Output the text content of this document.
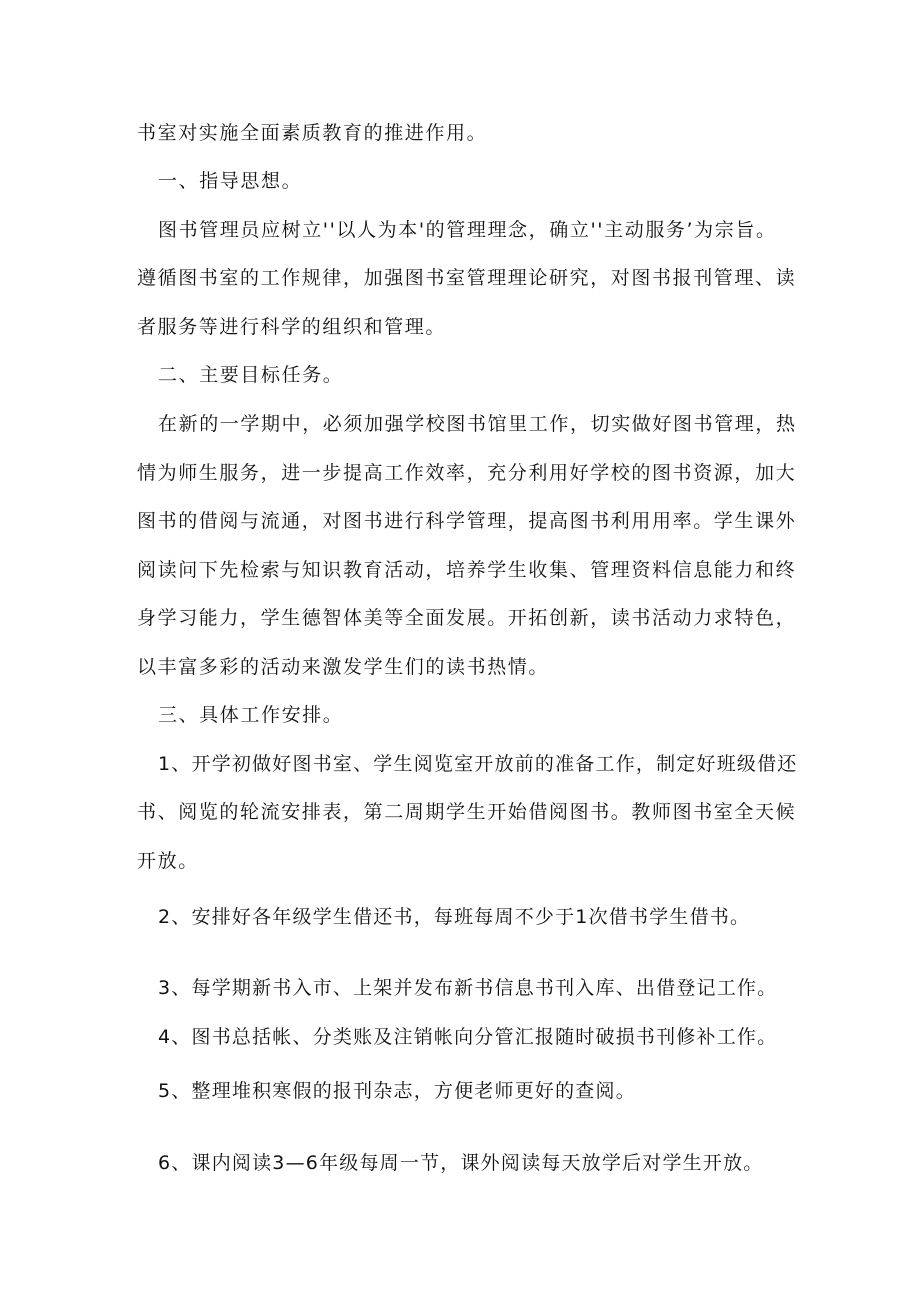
书室对实施全面素质教育的推进作用。
一、指导思想。
图书管理员应树立''以人为本'的管理理念，确立''主动服务’为宗旨。
遵循图书室的工作规律，加强图书室管理理论研究，对图书报刊管理、读
者服务等进行科学的组织和管理。
二、主要目标任务。
在新的一学期中，必须加强学校图书馆里工作，切实做好图书管理，热
情为师生服务，进一步提高工作效率，充分利用好学校的图书资源，加大
图书的借阅与流通，对图书进行科学管理，提高图书利用用率。学生课外
阅读问下先检索与知识教育活动，培养学生收集、管理资料信息能力和终
身学习能力，学生德智体美等全面发展。开拓创新，读书活动力求特色，
以丰富多彩的活动来激发学生们的读书热情。
三、具体工作安排。
1、开学初做好图书室、学生阅览室开放前的准备工作，制定好班级借还
书、阅览的轮流安排表，第二周期学生开始借阅图书。教师图书室全天候
开放。
2、安排好各年级学生借还书，每班每周不少于1次借书学生借书。
3、每学期新书入市、上架并发布新书信息书刊入库、出借登记工作。
4、图书总括帐、分类账及注销帐向分管汇报随时破损书刊修补工作。
5、整理堆积寒假的报刊杂志，方便老师更好的查阅。
6、课内阅读3—6年级每周一节，课外阅读每天放学后对学生开放。
